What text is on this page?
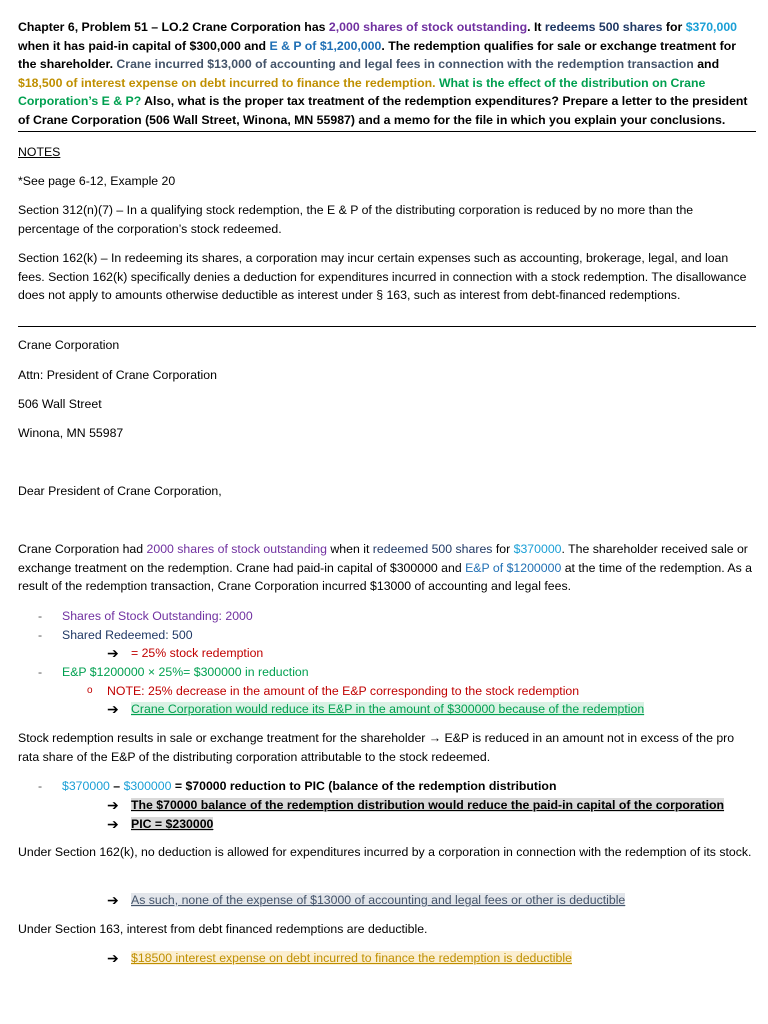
Chapter 6, Problem 51 – LO.2 Crane Corporation has 2,000 shares of stock outstanding. It redeems 500 shares for $370,000 when it has paid-in capital of $300,000 and E & P of $1,200,000. The redemption qualifies for sale or exchange treatment for the shareholder. Crane incurred $13,000 of accounting and legal fees in connection with the redemption transaction and $18,500 of interest expense on debt incurred to finance the redemption. What is the effect of the distribution on Crane Corporation’s E & P? Also, what is the proper tax treatment of the redemption expenditures? Prepare a letter to the president of Crane Corporation (506 Wall Street, Winona, MN 55987) and a memo for the file in which you explain your conclusions.

NOTES

*See page 6-12, Example 20

Section 312(n)(7) – In a qualifying stock redemption, the E & P of the distributing corporation is reduced by no more than the percentage of the corporation’s stock redeemed.

Section 162(k) – In redeeming its shares, a corporation may incur certain expenses such as accounting, brokerage, legal, and loan fees. Section 162(k) specifically denies a deduction for expenditures incurred in connection with a stock redemption. The disallowance does not apply to amounts otherwise deductible as interest under § 163, such as interest from debt-financed redemptions.

Crane Corporation

Attn: President of Crane Corporation

506 Wall Street

Winona, MN 55987

Dear President of Crane Corporation,

Crane Corporation had 2000 shares of stock outstanding when it redeemed 500 shares for $370000. The shareholder received sale or exchange treatment on the redemption. Crane had paid-in capital of $300000 and E&P of $1200000 at the time of the redemption. As a result of the redemption transaction, Crane Corporation incurred $13000 of accounting and legal fees.

- Shares of Stock Outstanding: 2000

- Shared Redeemed: 500

➔ = 25% stock redemption

- E&P $1200000 × 25%= $300000 in reduction

o NOTE: 25% decrease in the amount of the E&P corresponding to the stock redemption

➔ Crane Corporation would reduce its E&P in the amount of $300000 because of the redemption

Stock redemption results in sale or exchange treatment for the shareholder → E&P is reduced in an amount not in excess of the pro rata share of the E&P of the distributing corporation attributable to the stock redeemed.

- $370000 – $300000 = $70000 reduction to PIC (balance of the redemption distribution

➔ The $70000 balance of the redemption distribution would reduce the paid-in capital of the corporation

➔ PIC = $230000

Under Section 162(k), no deduction is allowed for expenditures incurred by a corporation in connection with the redemption of its stock.

➔ As such, none of the expense of $13000 of accounting and legal fees or other is deductible

Under Section 163, interest from debt financed redemptions are deductible.

➔ $18500 interest expense on debt incurred to finance the redemption is deductible
